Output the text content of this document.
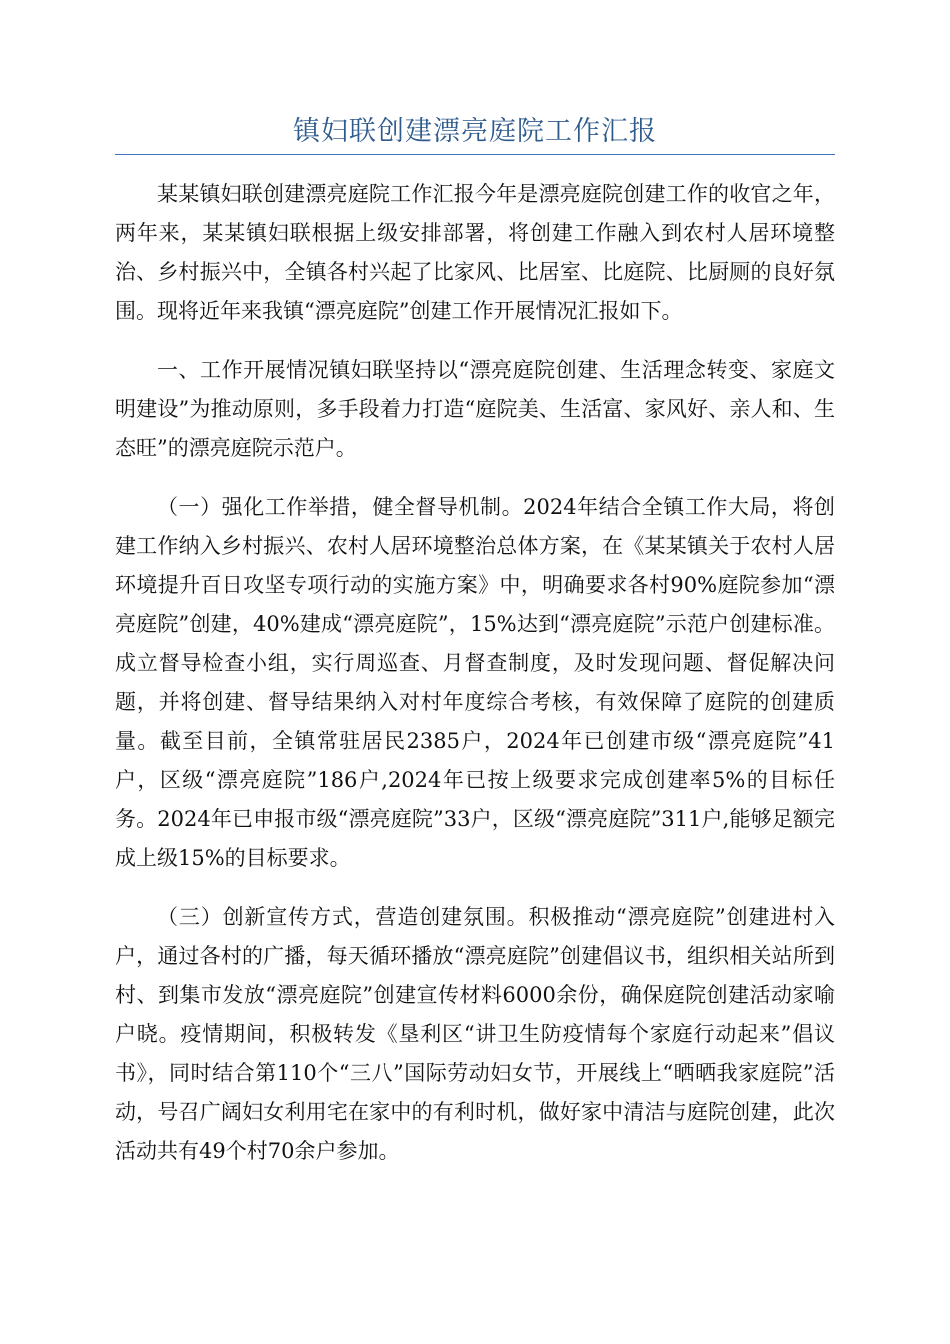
镇妇联创建漂亮庭院工作汇报

某某镇妇联创建漂亮庭院工作汇报今年是漂亮庭院创建工作的收官之年，两年来，某某镇妇联根据上级安排部署，将创建工作融入到农村人居环境整治、乡村振兴中，全镇各村兴起了比家风、比居室、比庭院、比厨厕的良好氛围。现将近年来我镇“漂亮庭院”创建工作开展情况汇报如下。

一、工作开展情况镇妇联坚持以“漂亮庭院创建、生活理念转变、家庭文明建设”为推动原则，多手段着力打造“庭院美、生活富、家风好、亲人和、生态旺”的漂亮庭院示范户。

（一）强化工作举措，健全督导机制。2024年结合全镇工作大局，将创建工作纳入乡村振兴、农村人居环境整治总体方案，在《某某镇关于农村人居环境提升百日攻坚专项行动的实施方案》中，明确要求各村90%庭院参加“漂亮庭院”创建，40%建成“漂亮庭院”，15%达到“漂亮庭院”示范户创建标准。成立督导检查小组，实行周巡查、月督查制度，及时发现问题、督促解决问题，并将创建、督导结果纳入对村年度综合考核，有效保障了庭院的创建质量。截至目前，全镇常驻居民2385户，2024年已创建市级“漂亮庭院”41户，区级“漂亮庭院”186户,2024年已按上级要求完成创建率5%的目标任务。2024年已申报市级“漂亮庭院”33户，区级“漂亮庭院”311户,能够足额完成上级15%的目标要求。

（三）创新宣传方式，营造创建氛围。积极推动“漂亮庭院”创建进村入户，通过各村的广播，每天循环播放“漂亮庭院”创建倡议书，组织相关站所到村、到集市发放“漂亮庭院”创建宣传材料6000余份，确保庭院创建活动家喻户晓。疫情期间，积极转发《垦利区“讲卫生防疫情每个家庭行动起来”倡议书》，同时结合第110个“三八”国际劳动妇女节，开展线上“晒晒我家庭院”活动，号召广阔妇女利用宅在家中的有利时机，做好家中清洁与庭院创建，此次活动共有49个村70余户参加。
